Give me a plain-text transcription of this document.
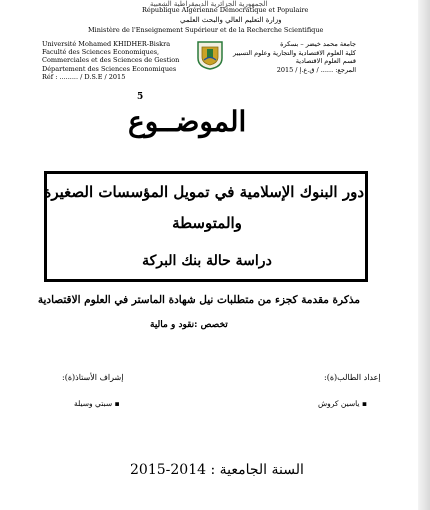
الجمهورية الجزائرية الديمقراطية الشعبية
République Algérienne Démocratique et Populaire
وزارة التعليم العالي والبحث العلمي
Ministère de l'Enseignement Supérieur et de la Recherche Scientifique
Université Mohamed KHIDHER-Biskra
Faculté des Sciences Economiques,
Commerciales et des Sciences de Gestion
Département des Sciences Economiques
Réf : ......... / D.S.E / 2015
جامعة محمد خيضر – بسكرة
كلية العلوم الاقتصادية والتجارية وعلوم التسيير
قسم العلوم الاقتصادية
المرجع: ...... / ق.ع.إ / 2015
5
الموضــوع
دور البنوك الإسلامية في تمويل المؤسسات الصغيرة
والمتوسطة
دراسة حالة بنك البركة
مذكرة مقدمة كجزء من متطلبات نيل شهادة الماستر في العلوم الاقتصادية
تخصص :نقود و مالية
إعداد الطالب(ة):
إشراف الأستاذ(ة):
▪ ياسين كروش
▪ سبتي وسيلة
السنة الجامعية : 2014-2015
